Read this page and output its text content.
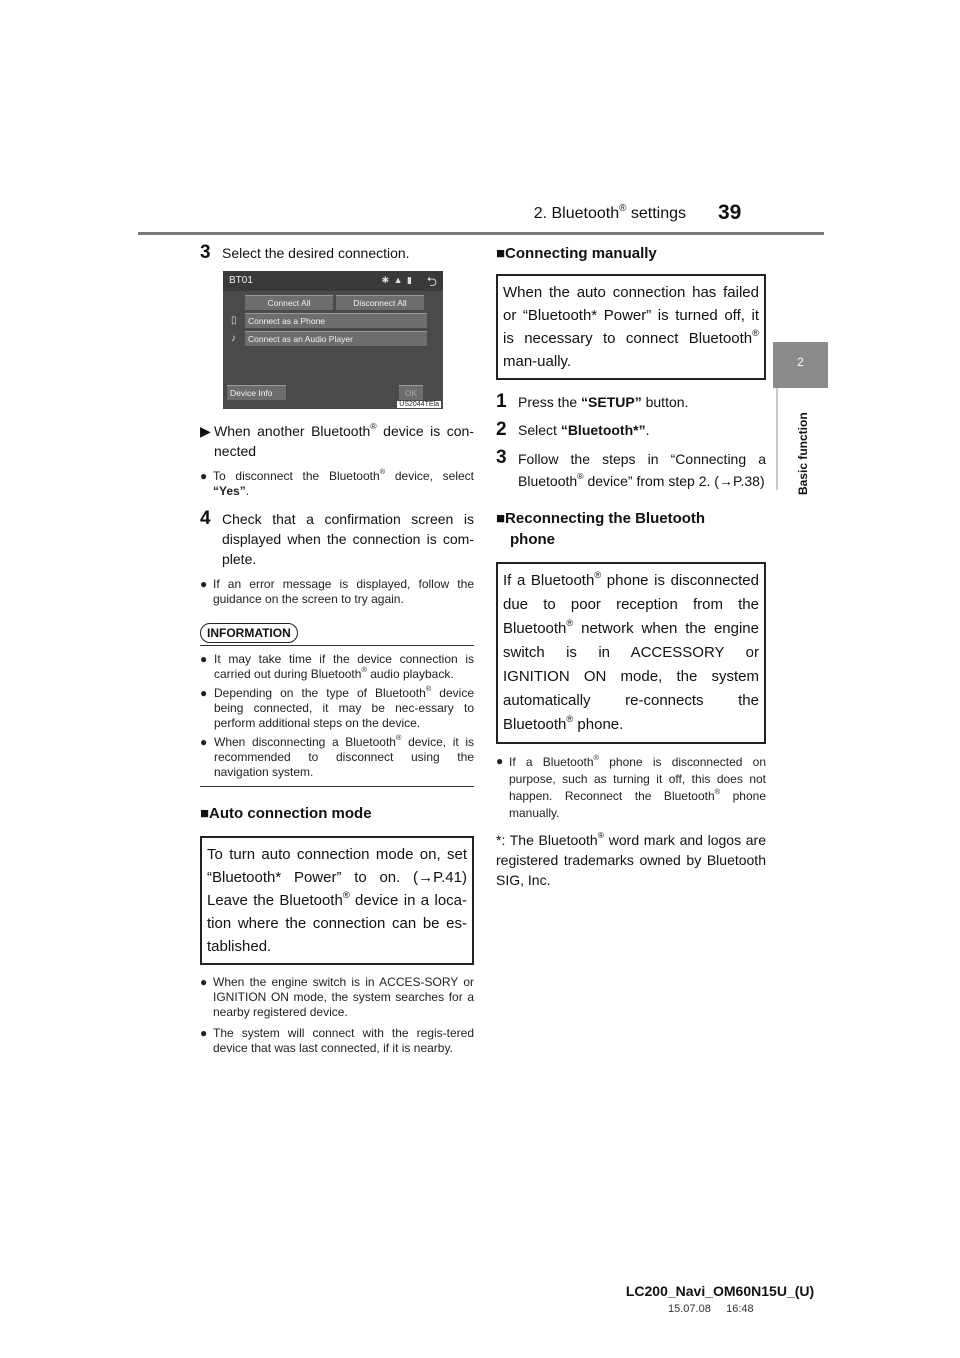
2. Bluetooth® settings 39
2
Basic function
3 Select the desired connection.
BT01	✱ ▲ ▮ ⮌
Connect All	Disconnect All
▯	Connect as a Phone
♪	Connect as an Audio Player
Device Info	OK
US2044TEla
▶ When another Bluetooth® device is con-nected
● To disconnect the Bluetooth® device, select “Yes”.
4 Check that a confirmation screen is displayed when the connection is com-plete.
● If an error message is displayed, follow the guidance on the screen to try again.
INFORMATION
● It may take time if the device connection is carried out during Bluetooth® audio playback.
● Depending on the type of Bluetooth® device being connected, it may be nec-essary to perform additional steps on the device.
● When disconnecting a Bluetooth® device, it is recommended to disconnect using the navigation system.
■Auto connection mode
To turn auto connection mode on, set “Bluetooth* Power” to on. (→P.41) Leave the Bluetooth® device in a loca-tion where the connection can be es-tablished.
● When the engine switch is in ACCES-SORY or IGNITION ON mode, the system searches for a nearby registered device.
● The system will connect with the regis-tered device that was last connected, if it is nearby.
■Connecting manually
When the auto connection has failed or “Bluetooth* Power” is turned off, it is necessary to connect Bluetooth® man-ually.
1 Press the “SETUP” button.
2 Select “Bluetooth*”.
3 Follow the steps in “Connecting a Bluetooth® device” from step 2. (→P.38)
■Reconnecting the Bluetooth
phone
If a Bluetooth® phone is disconnected due to poor reception from the Bluetooth® network when the engine switch is in ACCESSORY or IGNITION ON mode, the system automatically re-connects the Bluetooth® phone.
● If a Bluetooth® phone is disconnected on purpose, such as turning it off, this does not happen. Reconnect the Bluetooth® phone manually.
*: The Bluetooth® word mark and logos are registered trademarks owned by Bluetooth SIG, Inc.
LC200_Navi_OM60N15U_(U)
15.07.08     16:48
